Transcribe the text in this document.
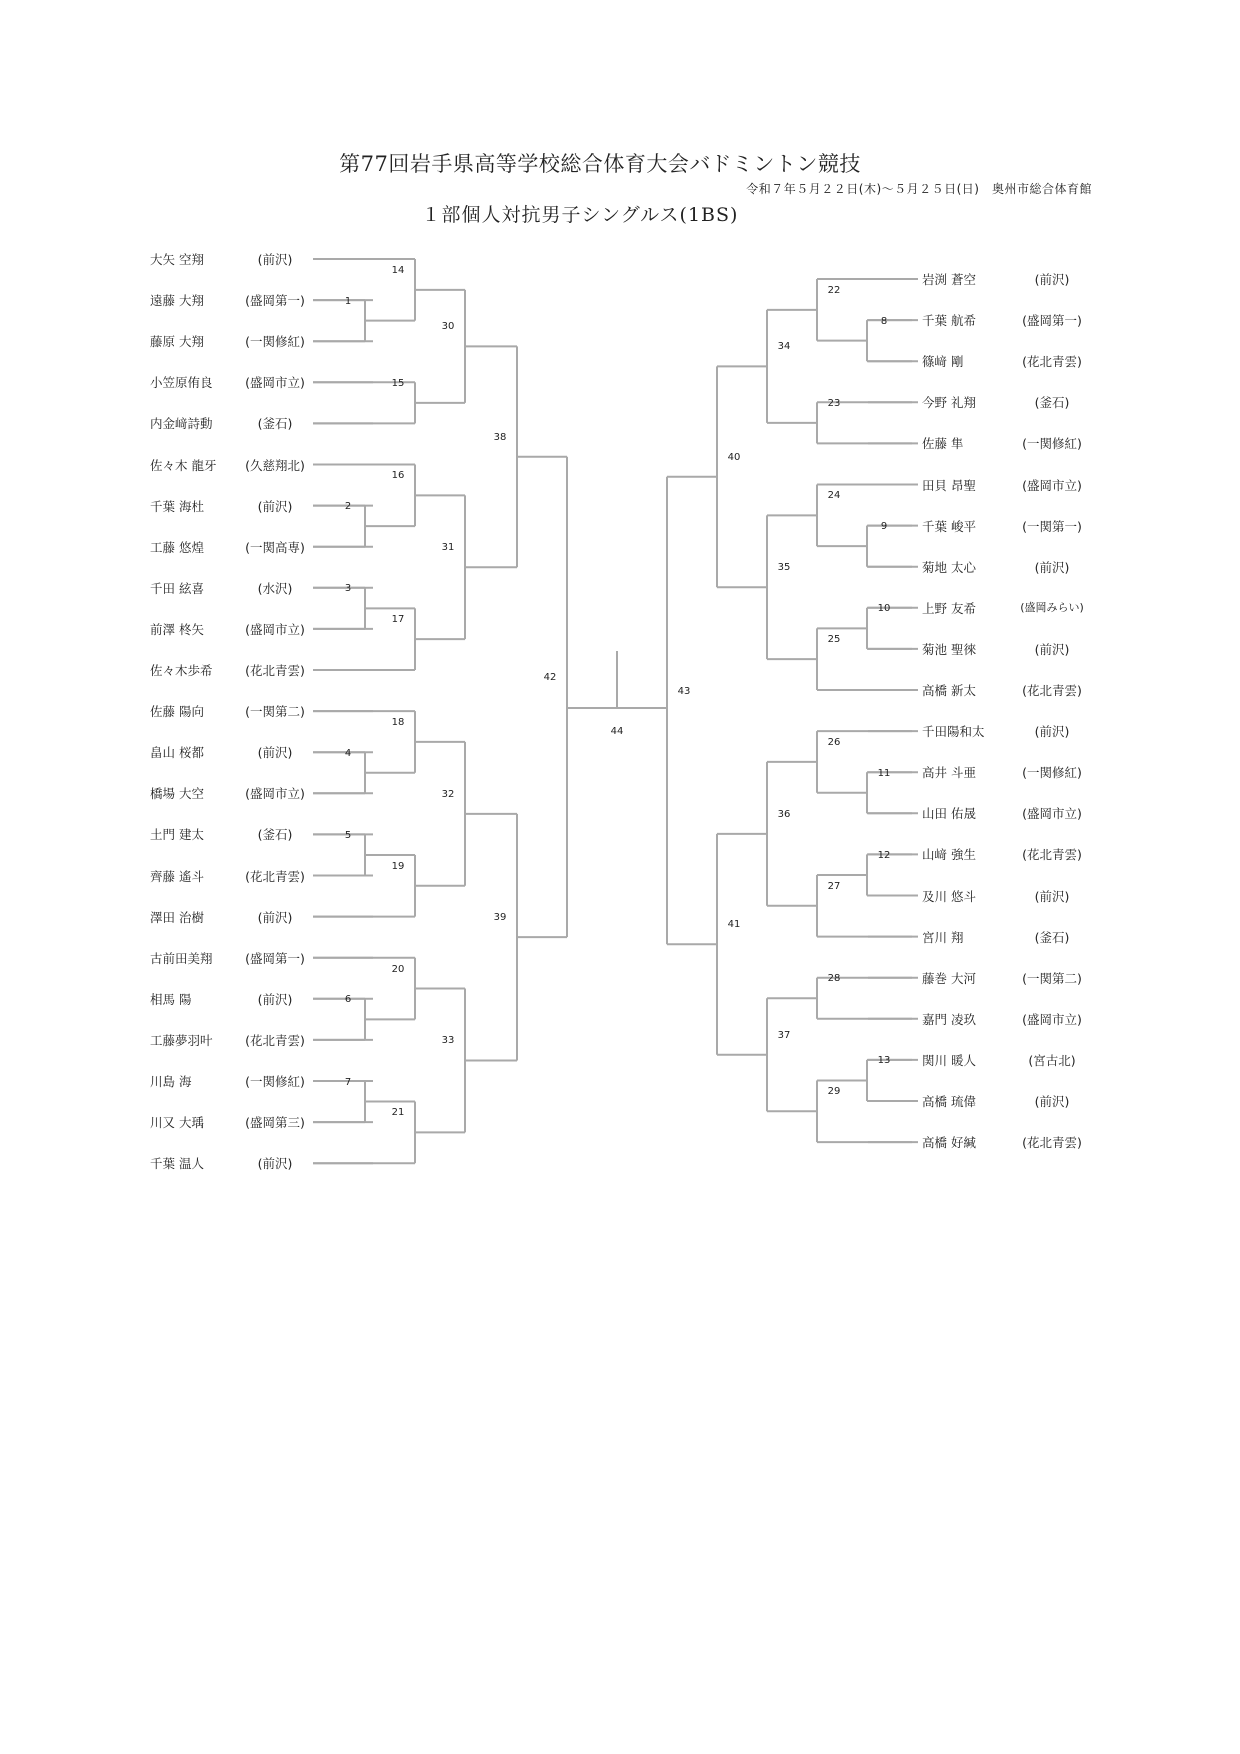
第77回岩手県高等学校総合体育大会バドミントン競技
令和７年５月２２日(木)～５月２５日(日)　奥州市総合体育館
１部個人対抗男子シングルス(1BS)
大矢 空翔	(前沢)
遠藤 大翔	(盛岡第一)
藤原 大翔	(一関修紅)
小笠原侑良	(盛岡市立)
内金﨑詩動	(釜石)
佐々木 龍牙	(久慈翔北)
千葉 海杜	(前沢)
工藤 悠煌	(一関高専)
千田 絃喜	(水沢)
前澤 柊矢	(盛岡市立)
佐々木歩希	(花北青雲)
佐藤 陽向	(一関第二)
畠山 桜都	(前沢)
橋場 大空	(盛岡市立)
土門 建太	(釜石)
齊藤 遙斗	(花北青雲)
澤田 治樹	(前沢)
古前田美翔	(盛岡第一)
相馬 陽	(前沢)
工藤夢羽叶	(花北青雲)
川島 海	(一関修紅)
川又 大瑀	(盛岡第三)
千葉 温人	(前沢)
岩渕 蒼空	(前沢)
千葉 航希	(盛岡第一)
篠﨑 剛	(花北青雲)
今野 礼翔	(釜石)
佐藤 隼	(一関修紅)
田貝 昂聖	(盛岡市立)
千葉 峻平	(一関第一)
菊地 太心	(前沢)
上野 友希	(盛岡みらい)
菊池 聖徠	(前沢)
高橋 新太	(花北青雲)
千田陽和太	(前沢)
高井 斗亜	(一関修紅)
山田 佑晟	(盛岡市立)
山﨑 強生	(花北青雲)
及川 悠斗	(前沢)
宮川 翔	(釜石)
藤巻 大河	(一関第二)
嘉門 凌玖	(盛岡市立)
関川 暖人	(宮古北)
高橋 琉偉	(前沢)
高橋 好緘	(花北青雲)
1
2
3
4
5
6
7
14
15
16
17
18
19
20
21
30
31
32
33
38
39
42
8
9
10
11
12
13
22
23
24
25
26
27
28
29
34
35
36
37
40
41
43
44
